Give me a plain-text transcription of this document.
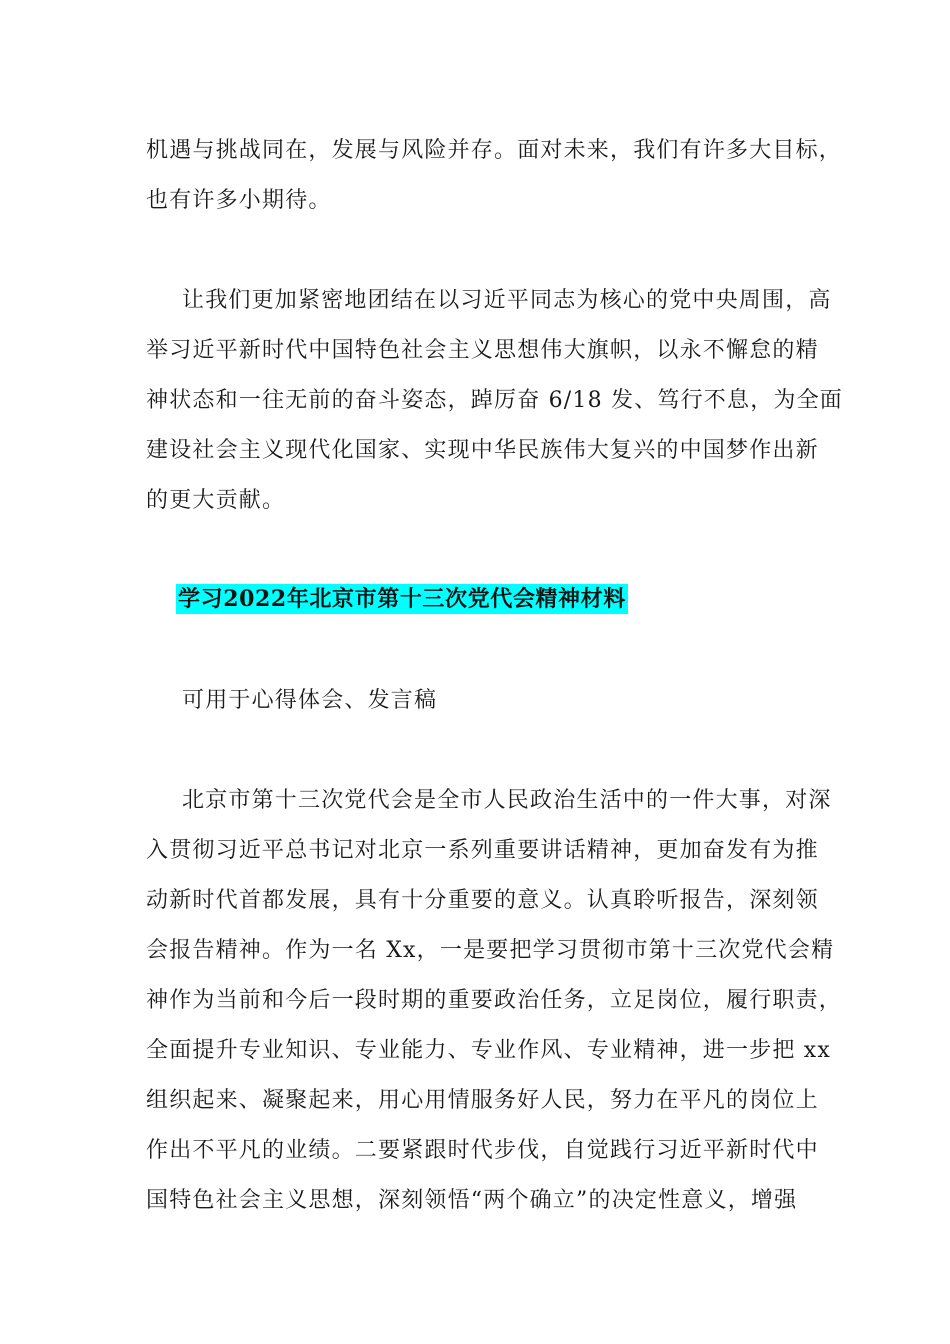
机遇与挑战同在，发展与风险并存。面对未来，我们有许多大目标，
也有许多小期待。
让我们更加紧密地团结在以习近平同志为核心的党中央周围，高
举习近平新时代中国特色社会主义思想伟大旗帜，以永不懈怠的精
神状态和一往无前的奋斗姿态，踔厉奋 6/18 发、笃行不息，为全面
建设社会主义现代化国家、实现中华民族伟大复兴的中国梦作出新
的更大贡献。
学习2022年北京市第十三次党代会精神材料
可用于心得体会、发言稿
北京市第十三次党代会是全市人民政治生活中的一件大事，对深
入贯彻习近平总书记对北京一系列重要讲话精神，更加奋发有为推
动新时代首都发展，具有十分重要的意义。认真聆听报告，深刻领
会报告精神。作为一名 Xx，一是要把学习贯彻市第十三次党代会精
神作为当前和今后一段时期的重要政治任务，立足岗位，履行职责，
全面提升专业知识、专业能力、专业作风、专业精神，进一步把 xx
组织起来、凝聚起来，用心用情服务好人民，努力在平凡的岗位上
作出不平凡的业绩。二要紧跟时代步伐，自觉践行习近平新时代中
国特色社会主义思想，深刻领悟“两个确立”的决定性意义，增强
